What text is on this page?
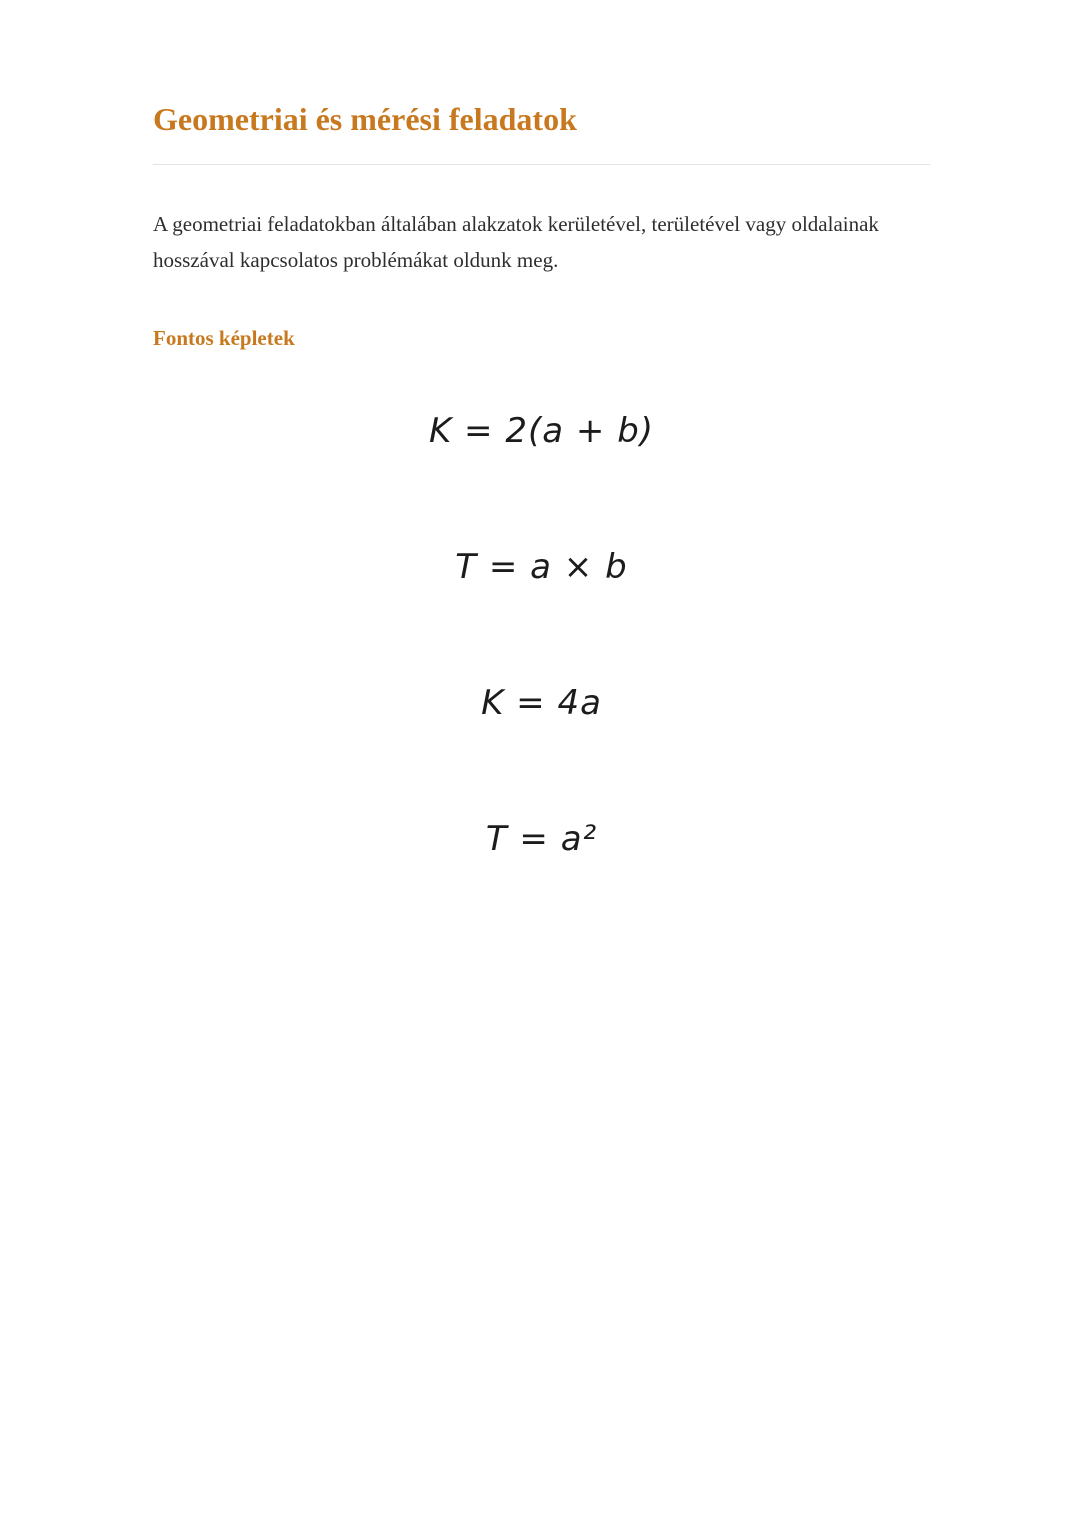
Geometriai és mérési feladatok

A geometriai feladatokban általában alakzatok kerületével, területével vagy oldalainak hosszával kapcsolatos problémákat oldunk meg.

Fontos képletek
K = 2(a + b)
T = a × b
K = 4a
T = a²
